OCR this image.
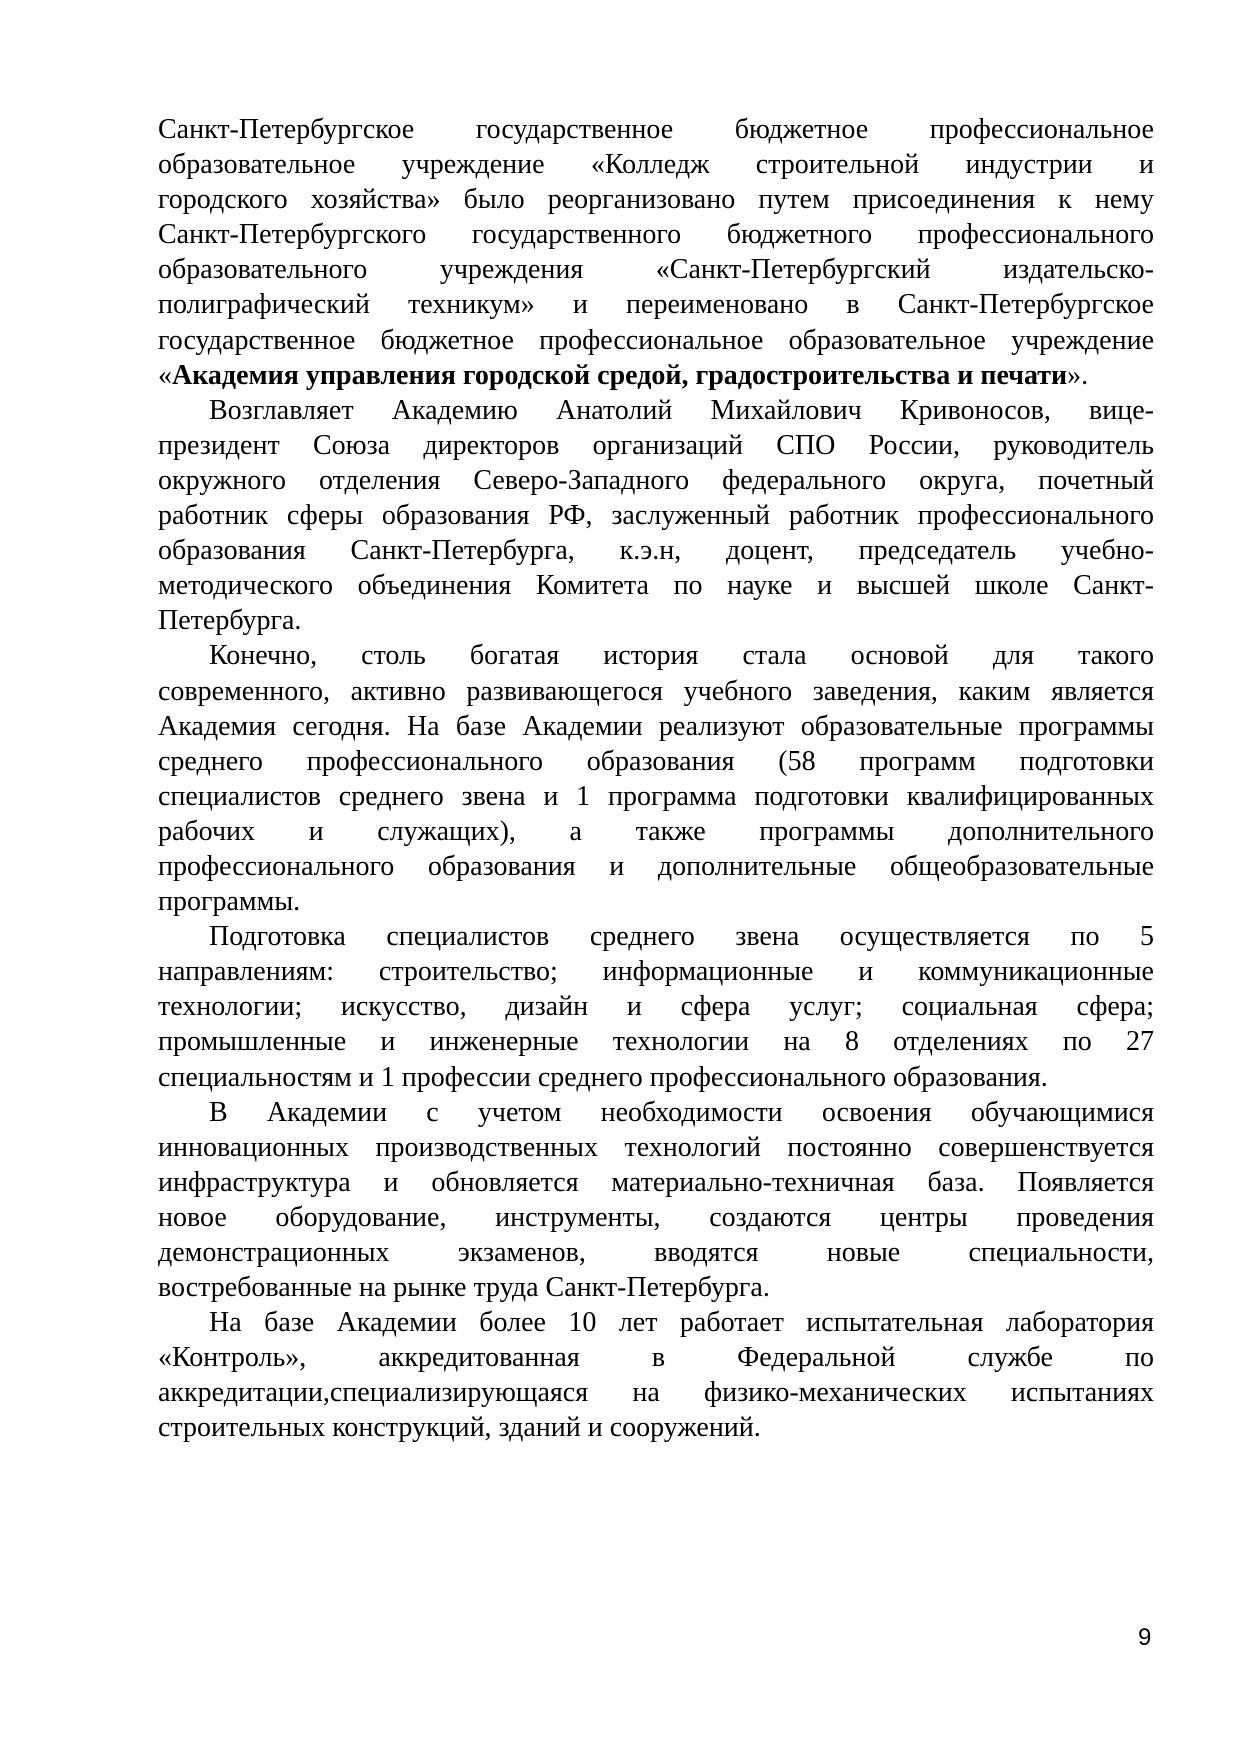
Санкт-Петербургское государственное бюджетное профессиональное
образовательное учреждение «Колледж строительной индустрии и
городского хозяйства» было реорганизовано путем присоединения к нему
Санкт-Петербургского государственного бюджетного профессионального
образовательного учреждения «Санкт-Петербургский издательско-
полиграфический техникум» и переименовано в Санкт-Петербургское
государственное бюджетное профессиональное образовательное учреждение
«Академия управления городской средой, градостроительства и печати».
Возглавляет Академию Анатолий Михайлович Кривоносов, вице-
президент Союза директоров организаций СПО России, руководитель
окружного отделения Северо-Западного федерального округа, почетный
работник сферы образования РФ, заслуженный работник профессионального
образования Санкт-Петербурга, к.э.н, доцент, председатель учебно-
методического объединения Комитета по науке и высшей школе Санкт-
Петербурга.
Конечно, столь богатая история стала основой для такого
современного, активно развивающегося учебного заведения, каким является
Академия сегодня. На базе Академии реализуют образовательные программы
среднего профессионального образования (58 программ подготовки
специалистов среднего звена и 1 программа подготовки квалифицированных
рабочих и служащих), а также программы дополнительного
профессионального образования и дополнительные общеобразовательные
программы.
Подготовка специалистов среднего звена осуществляется по 5
направлениям: строительство; информационные и коммуникационные
технологии; искусство, дизайн и сфера услуг; социальная сфера;
промышленные и инженерные технологии на 8 отделениях по 27
специальностям и 1 профессии среднего профессионального образования.
В Академии с учетом необходимости освоения обучающимися
инновационных производственных технологий постоянно совершенствуется
инфраструктура и обновляется материально-техничная база. Появляется
новое оборудование, инструменты, создаются центры проведения
демонстрационных экзаменов, вводятся новые специальности,
востребованные на рынке труда Санкт-Петербурга.
На базе Академии более 10 лет работает испытательная лаборатория
«Контроль», аккредитованная в Федеральной службе по
аккредитации,специализирующаяся на физико-механических испытаниях
строительных конструкций, зданий и сооружений.
9
